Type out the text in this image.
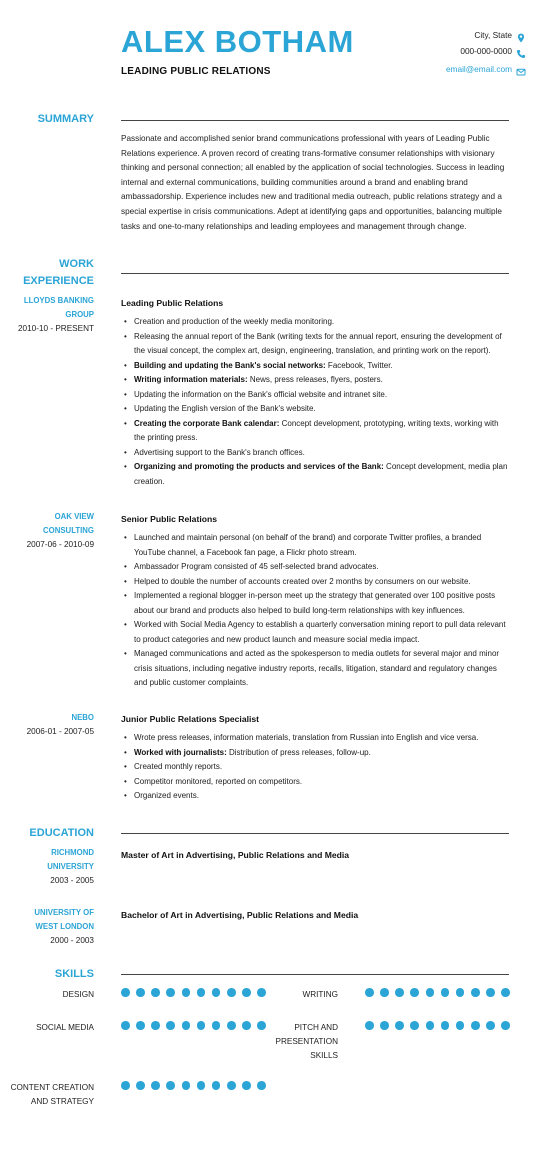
ALEX BOTHAM
LEADING PUBLIC RELATIONS
City, State
000-000-0000
email@email.com
SUMMARY
Passionate and accomplished senior brand communications professional with years of Leading Public Relations experience. A proven record of creating trans-formative consumer relationships with visionary thinking and personal connection; all enabled by the application of social technologies. Success in leading internal and external communications, building communities around a brand and enabling brand ambassadorship. Experience includes new and traditional media outreach, public relations strategy and a special expertise in crisis communications. Adept at identifying gaps and opportunities, balancing multiple tasks and one-to-many relationships and leading employees and management through change.
WORK
EXPERIENCE
LLOYDS BANKING GROUP
2010-10 - PRESENT
Leading Public Relations
• Creation and production of the weekly media monitoring.
• Releasing the annual report of the Bank (writing texts for the annual report, ensuring the development of the visual concept, the complex art, design, engineering, translation, and printing work on the report).
• Building and updating the Bank's social networks: Facebook, Twitter.
• Writing information materials: News, press releases, flyers, posters.
• Updating the information on the Bank's official website and intranet site.
• Updating the English version of the Bank's website.
• Creating the corporate Bank calendar: Concept development, prototyping, writing texts, working with the printing press.
• Advertising support to the Bank's branch offices.
• Organizing and promoting the products and services of the Bank: Concept development, media plan creation.
OAK VIEW CONSULTING
2007-06 - 2010-09
Senior Public Relations
• Launched and maintain personal (on behalf of the brand) and corporate Twitter profiles, a branded YouTube channel, a Facebook fan page, a Flickr photo stream.
• Ambassador Program consisted of 45 self-selected brand advocates.
• Helped to double the number of accounts created over 2 months by consumers on our website.
• Implemented a regional blogger in-person meet up the strategy that generated over 100 positive posts about our brand and products also helped to build long-term relationships with key influences.
• Worked with Social Media Agency to establish a quarterly conversation mining report to pull data relevant to product categories and new product launch and measure social media impact.
• Managed communications and acted as the spokesperson to media outlets for several major and minor crisis situations, including negative industry reports, recalls, litigation, standard and regulatory changes and public customer complaints.
NEBO
2006-01 - 2007-05
Junior Public Relations Specialist
• Wrote press releases, information materials, translation from Russian into English and vice versa.
• Worked with journalists: Distribution of press releases, follow-up.
• Created monthly reports.
• Competitor monitored, reported on competitors.
• Organized events.
EDUCATION
RICHMOND UNIVERSITY
2003 - 2005
Master of Art in Advertising, Public Relations and Media
UNIVERSITY OF WEST LONDON
2000 - 2003
Bachelor of Art in Advertising, Public Relations and Media
SKILLS
DESIGN	WRITING
SOCIAL MEDIA	PITCH AND PRESENTATION SKILLS
CONTENT CREATION AND STRATEGY
